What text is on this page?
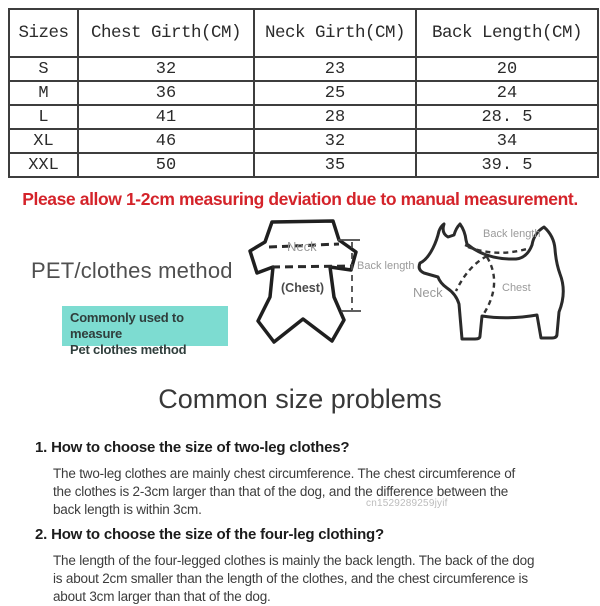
Sizes	Chest Girth(CM)	Neck Girth(CM)	Back Length(CM)
S	32	23	20
M	36	25	24
L	41	28	28. 5
XL	46	32	34
XXL	50	35	39. 5
Please allow 1-2cm measuring deviation due to manual measurement.
PET/clothes method
Commonly used to measure
Pet clothes method
Neck
Back length
(Chest)
Back length
Neck	Chest
Common size problems
1. How to choose the size of two-leg clothes?
The two-leg clothes are mainly chest circumference. The chest circumference of the clothes is 2-3cm larger than that of the dog, and the difference between the back length is within 3cm.	cn1529289259jyif
2. How to choose the size of the four-leg clothing?
The length of the four-legged clothes is mainly the back length. The back of the dog is about 2cm smaller than the length of the clothes, and the chest circumference is about 3cm larger than that of the dog.
